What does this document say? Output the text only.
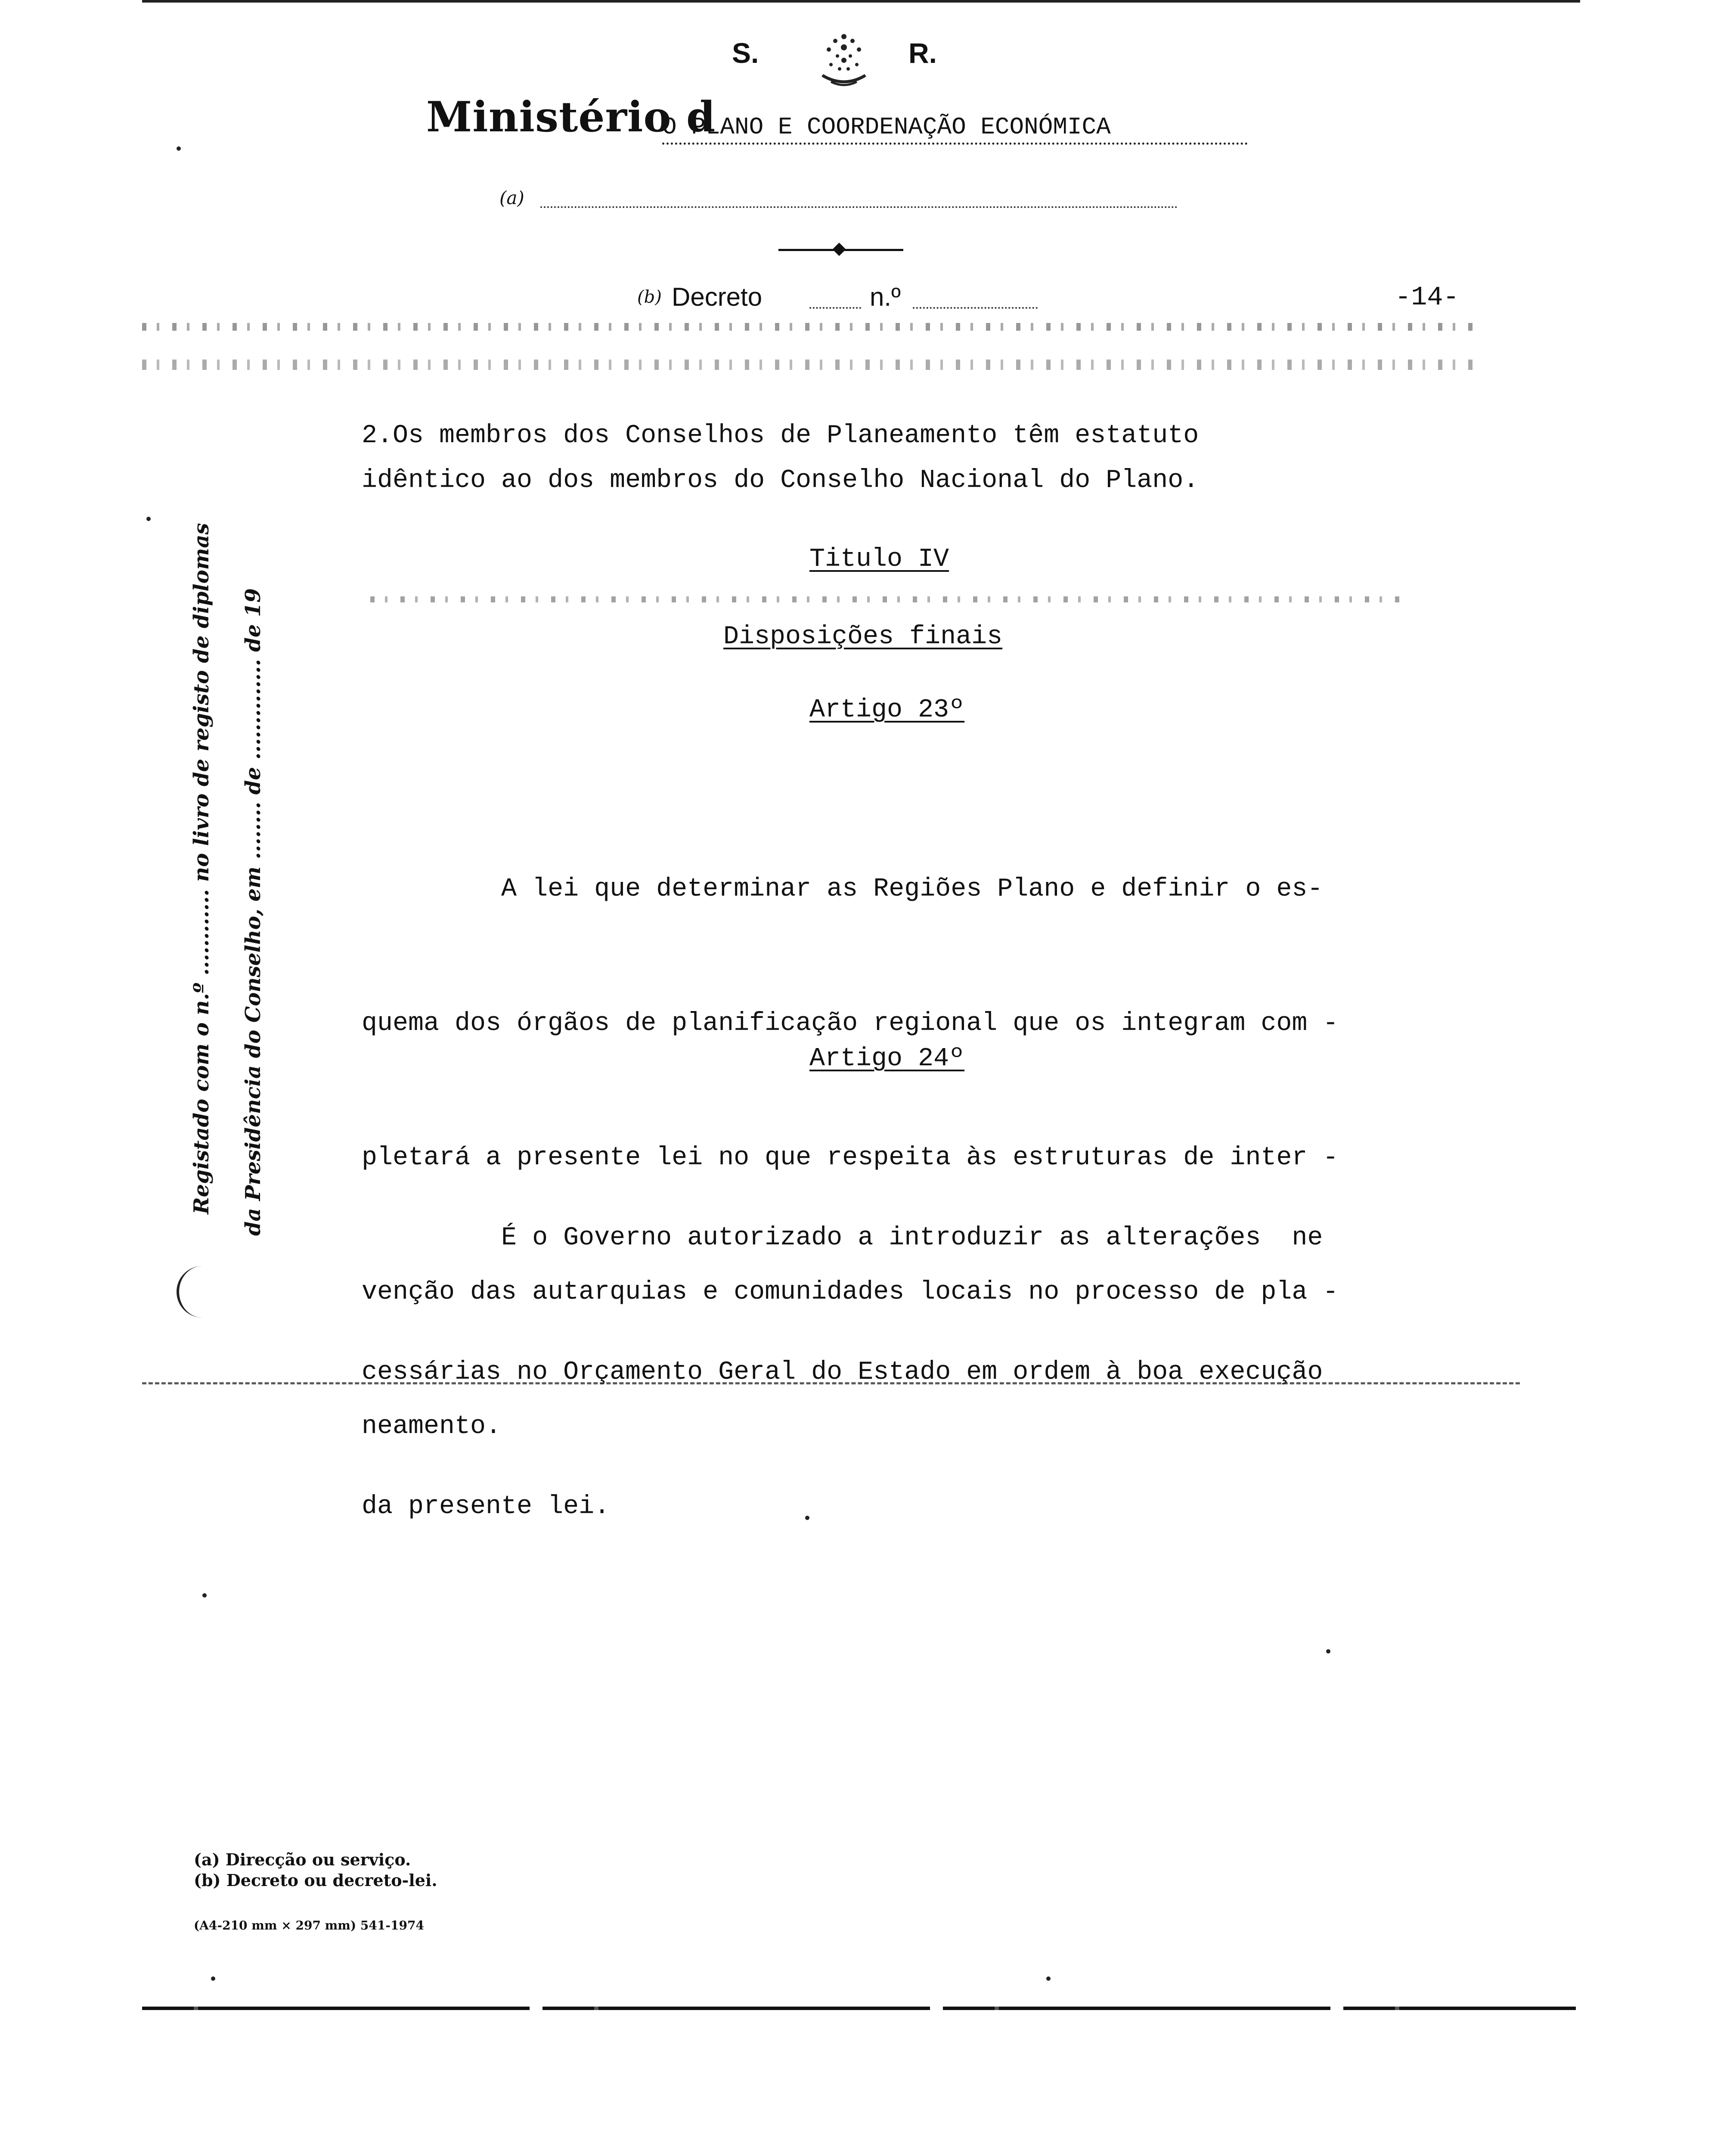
S.	R.
Ministério d
O PLANO E COORDENAÇÃO ECONÓMICA
(a)
(b) Decreto	n.º	-14-
Registado com o n.º ............ no livro de registo de diplomas da Presidência do Conselho, em ........ de .............. de 19
2.Os membros dos Conselhos de Planeamento têm estatuto
idêntico ao dos membros do Conselho Nacional do Plano.
Titulo IV
Disposições finais
Artigo 23º

A lei que determinar as Regiões Plano e definir o es-

quema dos órgãos de planificação regional que os integram com -

pletará a presente lei no que respeita às estruturas de inter -

venção das autarquias e comunidades locais no processo de pla -

neamento.

Artigo 24º

É o Governo autorizado a introduzir as alterações  ne

cessárias no Orçamento Geral do Estado em ordem à boa execução

da presente lei.

(a) Direcção ou serviço.
(b) Decreto ou decreto-lei.
(A4-210 mm × 297 mm) 541-1974
